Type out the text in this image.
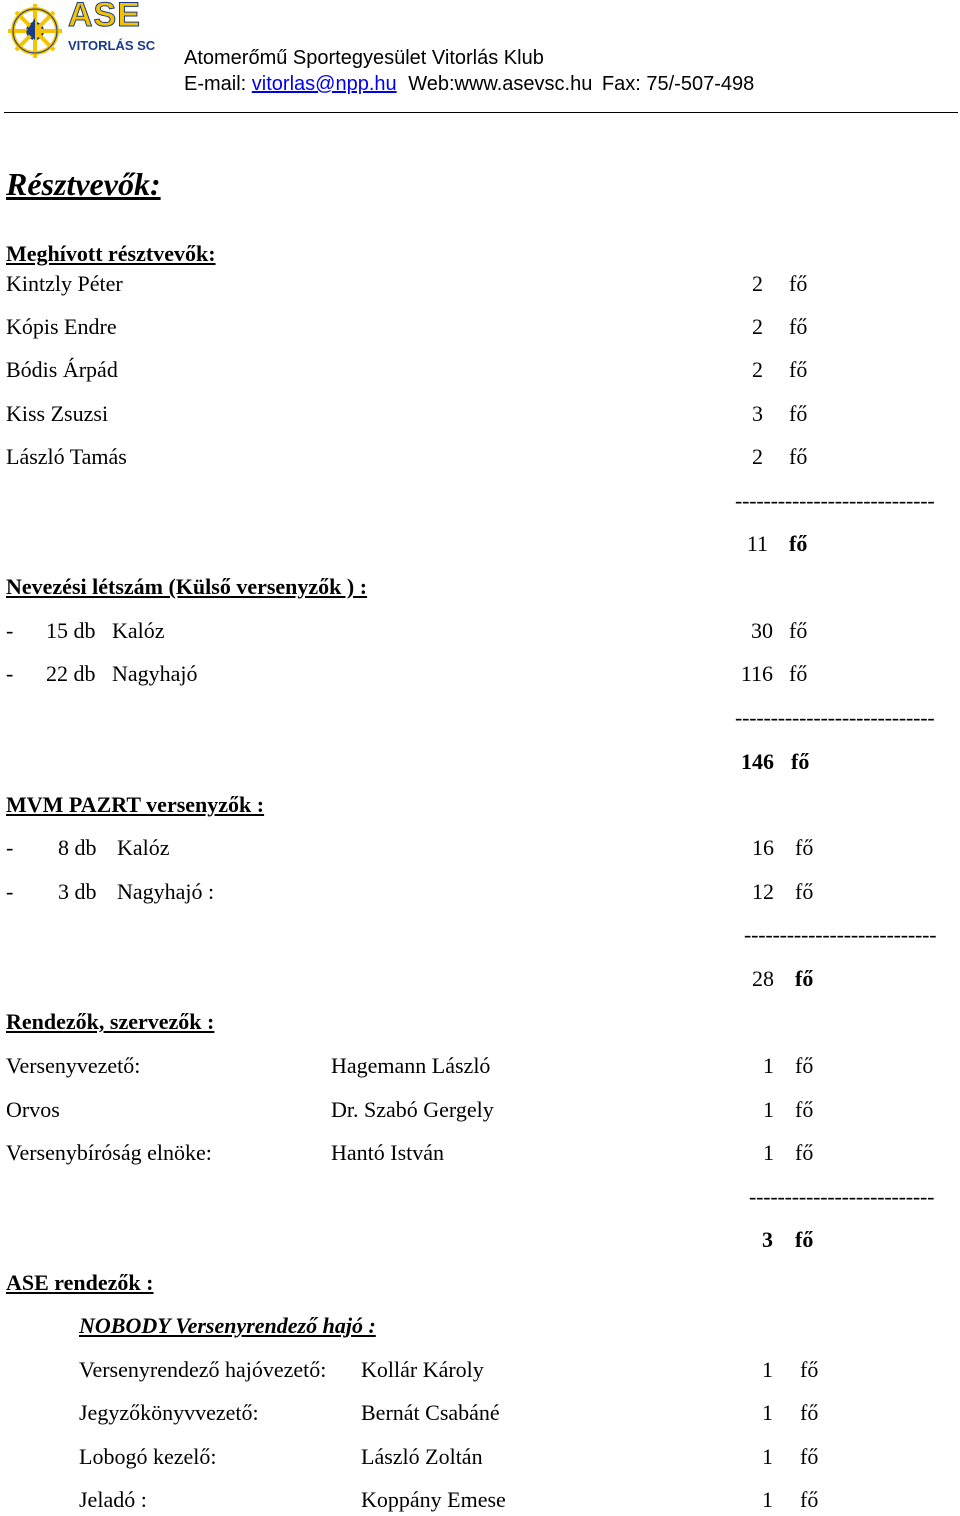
ASE
VITORLÁS SC
Atomerőmű Sportegyesület Vitorlás Klub
E-mail: vitorlas@npp.hu Web:www.asevsc.hu Fax: 75/-507-498
Résztvevők:
Meghívott résztvevők:
Kintzly Péter	2 fő
Kópis Endre	2 fő
Bódis Árpád	2 fő
Kiss Zsuzsi	3 fő
László Tamás	2 fő
----------------------------
11 fő
Nevezési létszám (Külső versenyzők ) :
- 15 db Kalóz	30 fő
- 22 db Nagyhajó	116 fő
----------------------------
146 fő
MVM PAZRT versenyzők :
- 8 db Kalóz	16 fő
- 3 db Nagyhajó :	12 fő
---------------------------
28 fő
Rendezők, szervezők :
Versenyvezető:	Hagemann László	1 fő
Orvos	Dr. Szabó Gergely	1 fő
Versenybíróság elnöke:	Hantó István	1 fő
--------------------------
3 fő
ASE rendezők :
NOBODY Versenyrendező hajó :
Versenyrendező hajóvezető: Kollár Károly	1 fő
Jegyzőkönyvvezető:	Bernát Csabáné	1 fő
Lobogó kezelő:	László Zoltán	1 fő
Jeladó :	Koppány Emese	1 fő
